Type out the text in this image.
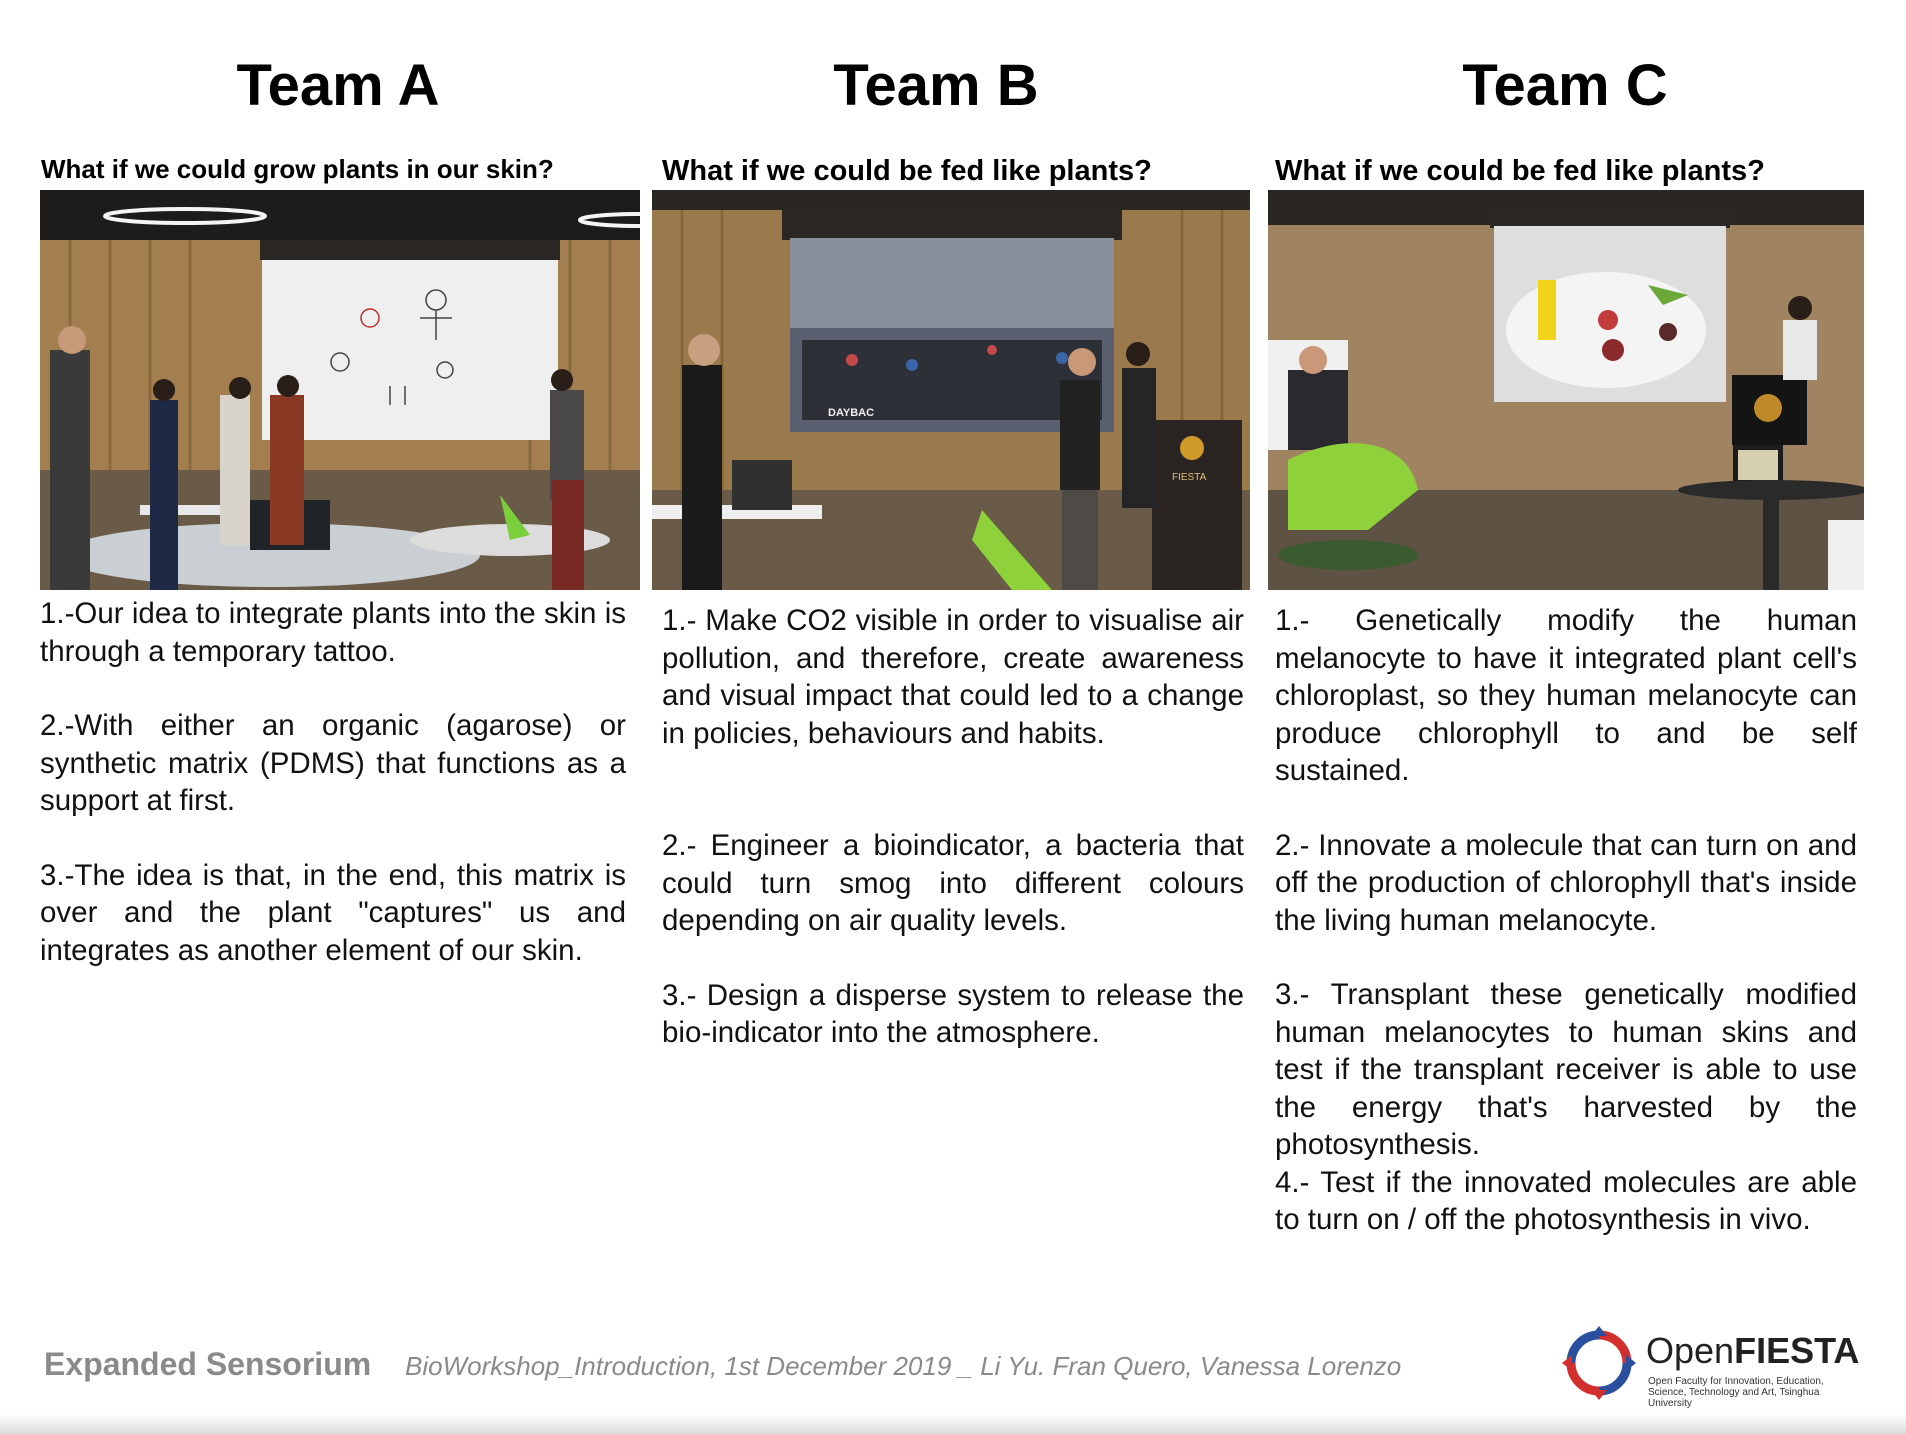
Team A	Team B	Team C
What if we could grow plants in our skin?	What if we could be fed like plants?	What if we could be fed like plants?
DAYBAC
FIESTA

1.-Our idea to integrate plants into the skin is through a temporary tattoo.

2.-With either an organic (agarose) or synthetic matrix (PDMS) that functions as a support at first.

3.-The idea is that, in the end, this matrix is over and the plant "captures" us and integrates as another element of our skin.

1.- Make CO2 visible in order to visualise air pollution, and therefore, create awareness and visual impact that could led to a change in policies, behaviours and habits.

2.- Engineer a bioindicator, a bacteria that could turn smog into different colours depending on air quality levels.

3.- Design a disperse system to release the bio-indicator into the atmosphere.

1.- Genetically modify the human melanocyte to have it integrated plant cell's chloroplast, so they human melanocyte can produce chlorophyll to and be self sustained.

2.- Innovate a molecule that can turn on and off the production of chlorophyll that's inside the living human melanocyte.

3.- Transplant these genetically modified human melanocytes to human skins and test if the transplant receiver is able to use the energy that's harvested by the photosynthesis.

4.- Test if the innovated molecules are able to turn on / off the photosynthesis in vivo.

Expanded Sensorium BioWorkshop_Introduction, 1st December 2019 _ Li Yu. Fran Quero, Vanessa Lorenzo	OpenFIESTA
Open Faculty for Innovation, Education, Science, Technology and Art, Tsinghua University
